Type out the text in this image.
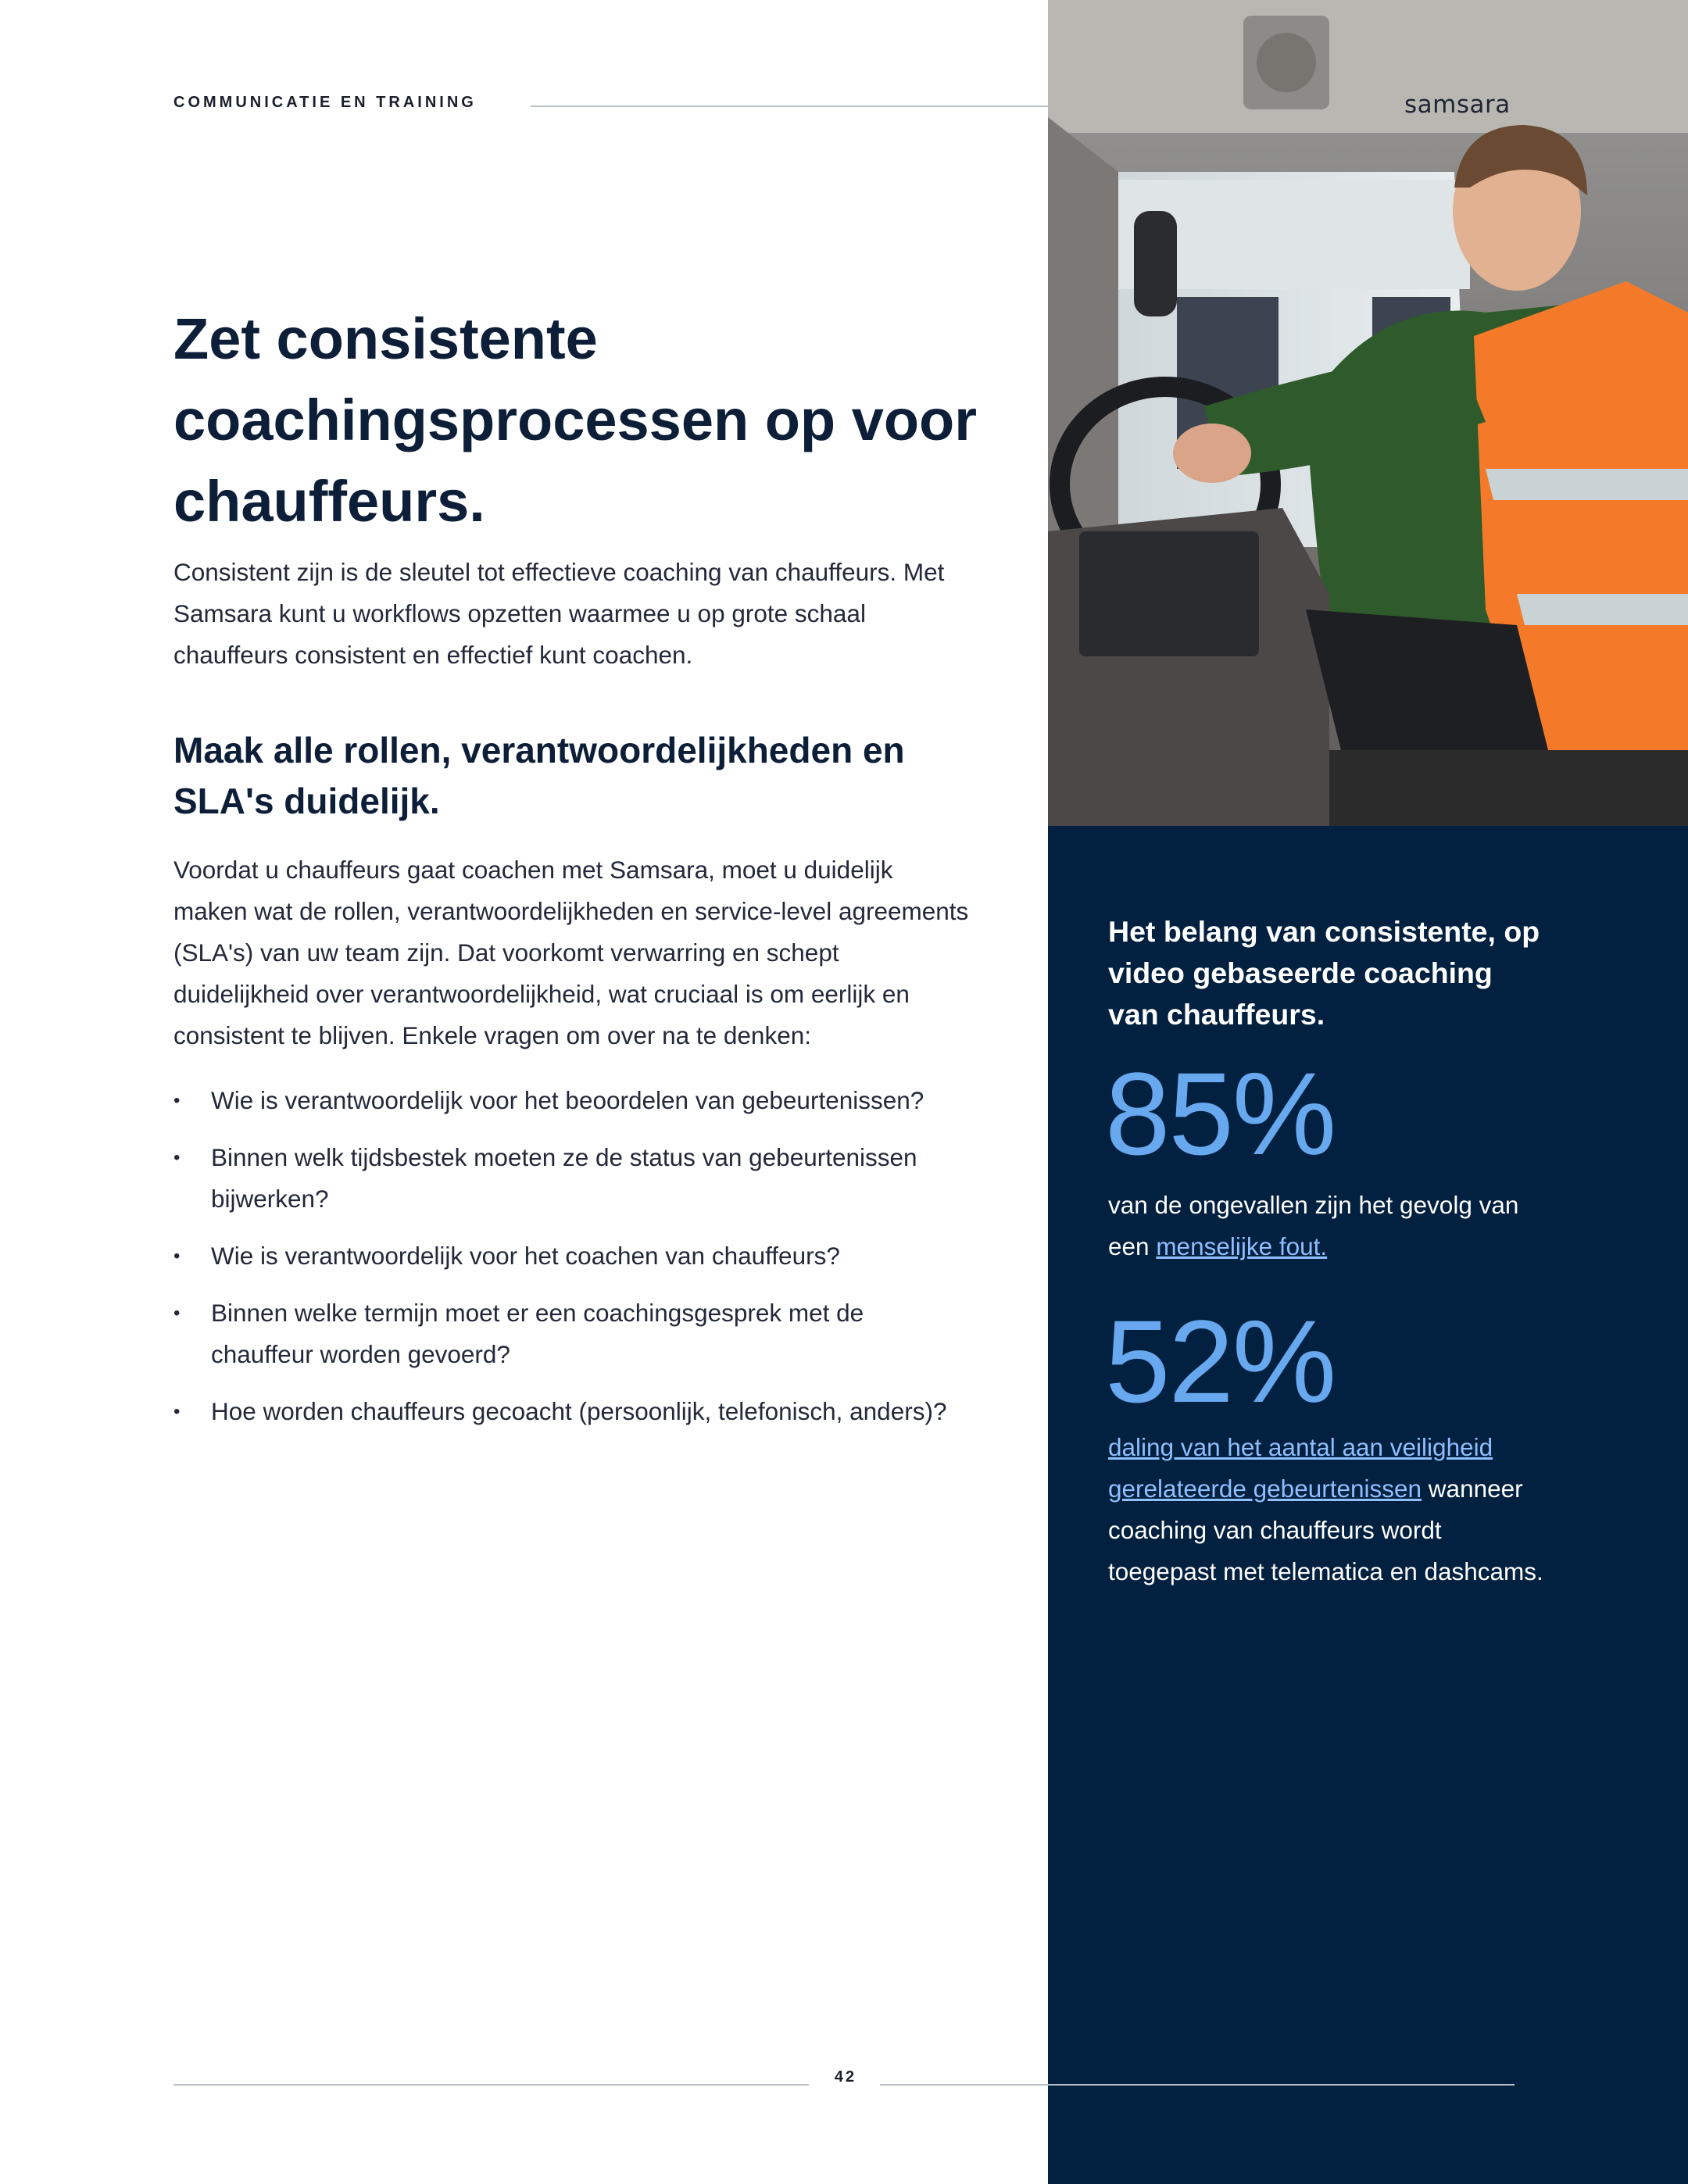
samsara
COMMUNICATIE EN TRAINING
Zet consistente coachingsprocessen op voor chauffeurs.

Consistent zijn is de sleutel tot effectieve coaching van chauffeurs. Met Samsara kunt u workflows opzetten waarmee u op grote schaal chauffeurs consistent en effectief kunt coachen.

Maak alle rollen, verantwoordelijkheden en SLA's duidelijk.

Voordat u chauffeurs gaat coachen met Samsara, moet u duidelijk maken wat de rollen, verantwoordelijkheden en service-level agreements (SLA's) van uw team zijn. Dat voorkomt verwarring en schept duidelijkheid over verantwoordelijkheid, wat cruciaal is om eerlijk en consistent te blijven. Enkele vragen om over na te denken:

• Wie is verantwoordelijk voor het beoordelen van gebeurtenissen?
• Binnen welk tijdsbestek moeten ze de status van gebeurtenissen bijwerken?
• Wie is verantwoordelijk voor het coachen van chauffeurs?
• Binnen welke termijn moet er een coachingsgesprek met de chauffeur worden gevoerd?
• Hoe worden chauffeurs gecoacht (persoonlijk, telefonisch, anders)?
Het belang van consistente, op video gebaseerde coaching van chauffeurs.
85%

van de ongevallen zijn het gevolg van een menselijke fout.

52%

daling van het aantal aan veiligheid gerelateerde gebeurtenissen wanneer coaching van chauffeurs wordt toegepast met telematica en dashcams.

42
